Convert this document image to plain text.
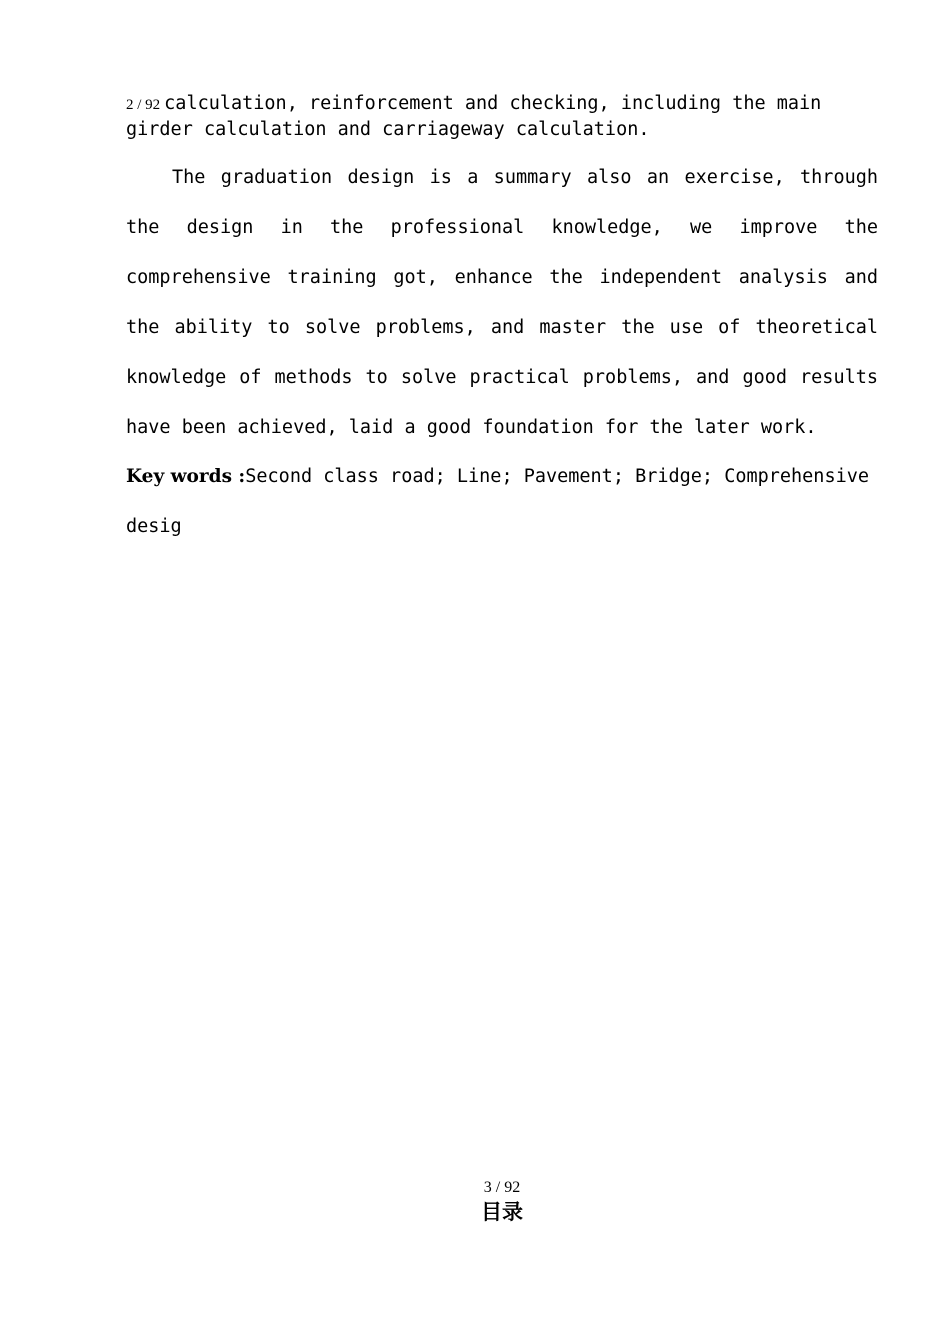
2 / 92 calculation, reinforcement and checking, including the main
girder calculation and carriageway calculation.

The graduation design is a summary also an exercise, through the design in the professional knowledge, we improve the comprehensive training got, enhance the independent analysis and the ability to solve problems, and master the use of theoretical knowledge of methods to solve practical problems, and good results have been achieved, laid a good foundation for the later work.

Key words :Second class road; Line; Pavement; Bridge; Comprehensive desig

3 / 92
目录
